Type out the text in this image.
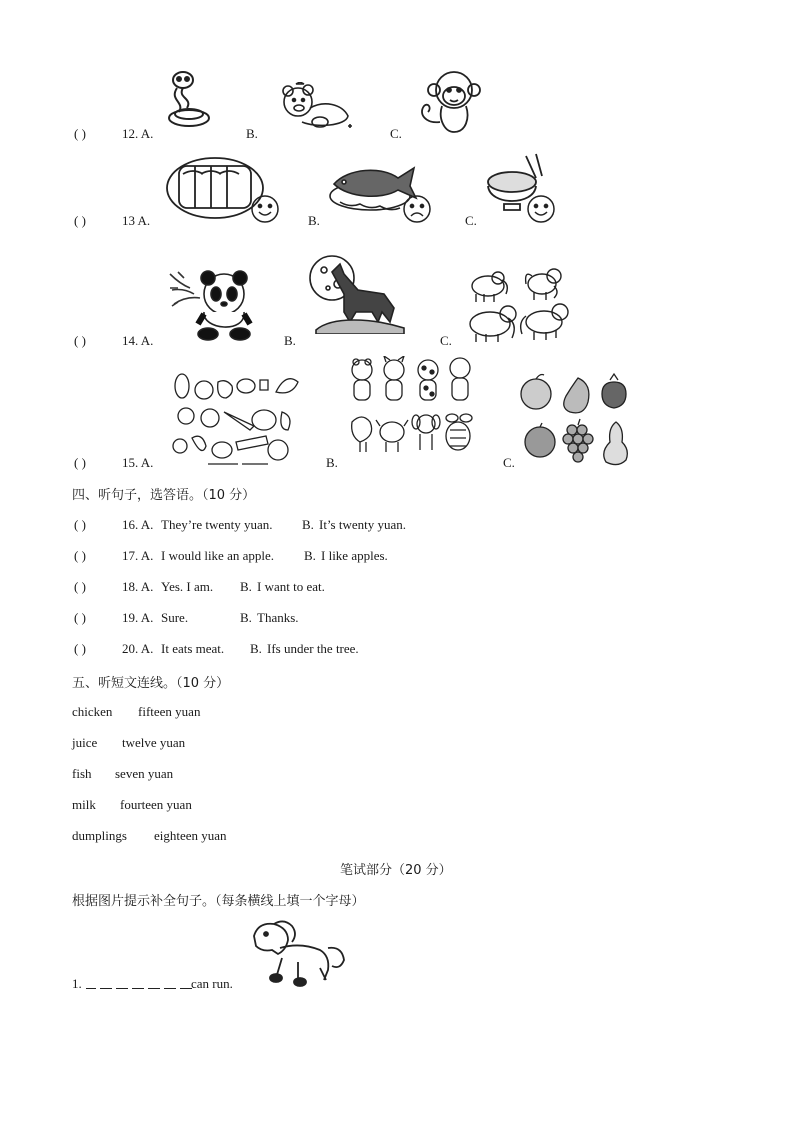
( )	12. A.	B.	C.
( )	13 A.	B.	C.
( )	14. A.	B.	C.
( )	15. A.	B.	C.
四、听句子，选答语。（10 分）
( )	16. A. They’re twenty yuan. B. It’s twenty yuan.
( )	17. A. I would like an apple. B. I like apples.
( )	18. A. Yes. I am. B. I want to eat.
( )	19. A. Sure.	B. Thanks.
( )	20. A. It eats meat. B. Ifs under the tree.
五、听短文连线。（10 分）
chicken fifteen yuan
juice twelve yuan
fish seven yuan
milk fourteen yuan
dumplings eighteen yuan
笔试部分（20 分）
根据图片提示补全句子。（每条横线上填一个字母）
1.	can run.
